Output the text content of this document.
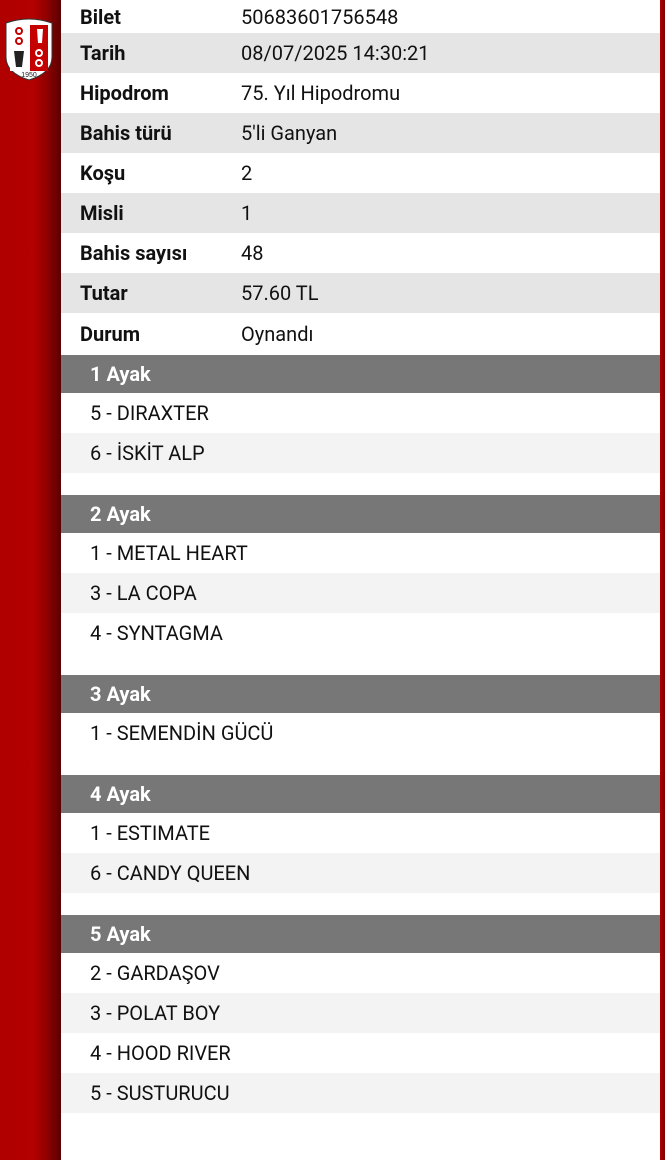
1950
Bilet	50683601756548
Tarih	08/07/2025 14:30:21
Hipodrom	75. Yıl Hipodromu
Bahis türü	5'li Ganyan
Koşu	2
Misli	1
Bahis sayısı	48
Tutar	57.60 TL
Durum	Oynandı
1 Ayak
5 - DIRAXTER
6 - İSKİT ALP
2 Ayak
1 - METAL HEART
3 - LA COPA
4 - SYNTAGMA
3 Ayak
1 - SEMENDİN GÜCÜ
4 Ayak
1 - ESTIMATE
6 - CANDY QUEEN
5 Ayak
2 - GARDAŞOV
3 - POLAT BOY
4 - HOOD RIVER
5 - SUSTURUCU
